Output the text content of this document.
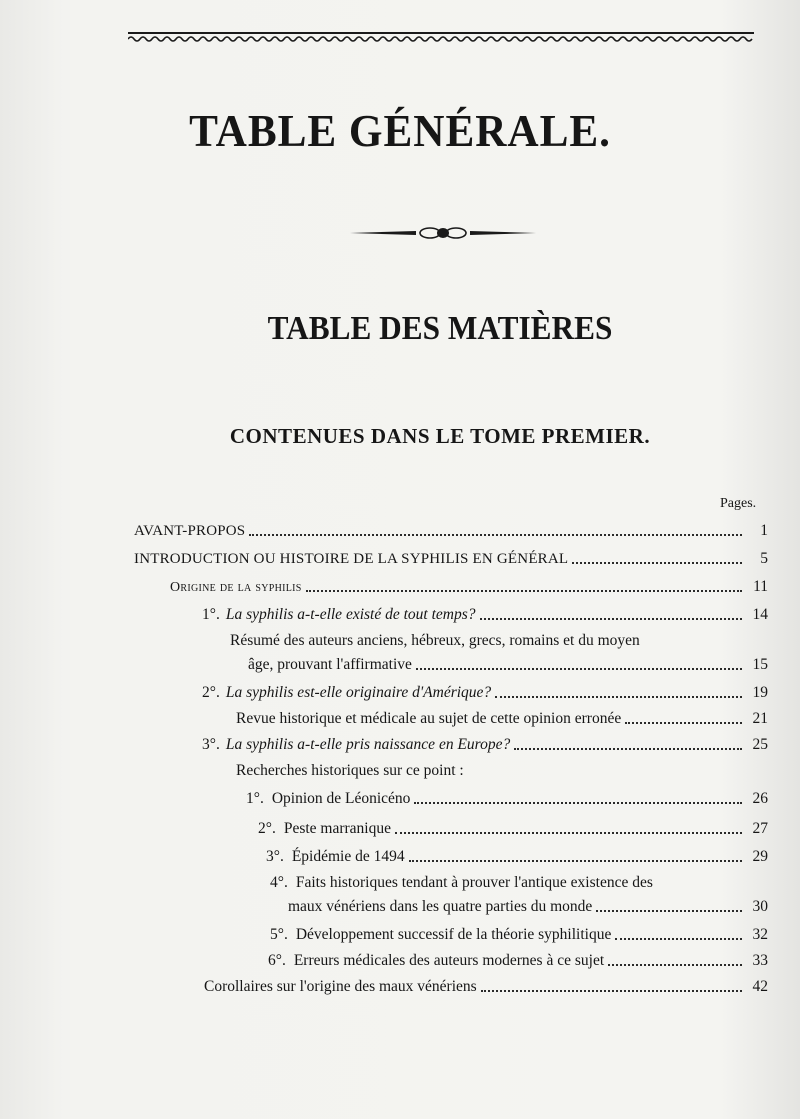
TABLE GÉNÉRALE.
TABLE DES MATIÈRES
CONTENUES DANS LE TOME PREMIER.
Pages.
AVANT-PROPOS	1
INTRODUCTION OU HISTOIRE DE LA SYPHILIS EN GÉNÉRAL	5
Origine de la syphilis	11
1°. La syphilis a-t-elle existé de tout temps?	14
Résumé des auteurs anciens, hébreux, grecs, romains et du moyen
âge, prouvant l'affirmative	15
2°. La syphilis est-elle originaire d'Amérique?	19
Revue historique et médicale au sujet de cette opinion erronée	21
3°. La syphilis a-t-elle pris naissance en Europe?	25
Recherches historiques sur ce point :
1°. Opinion de Léonicéno	26
2°. Peste marranique	27
3°. Épidémie de 1494	29
4°. Faits historiques tendant à prouver l'antique existence des
maux vénériens dans les quatre parties du monde	30
5°. Développement successif de la théorie syphilitique	32
6°. Erreurs médicales des auteurs modernes à ce sujet	33
Corollaires sur l'origine des maux vénériens	42
